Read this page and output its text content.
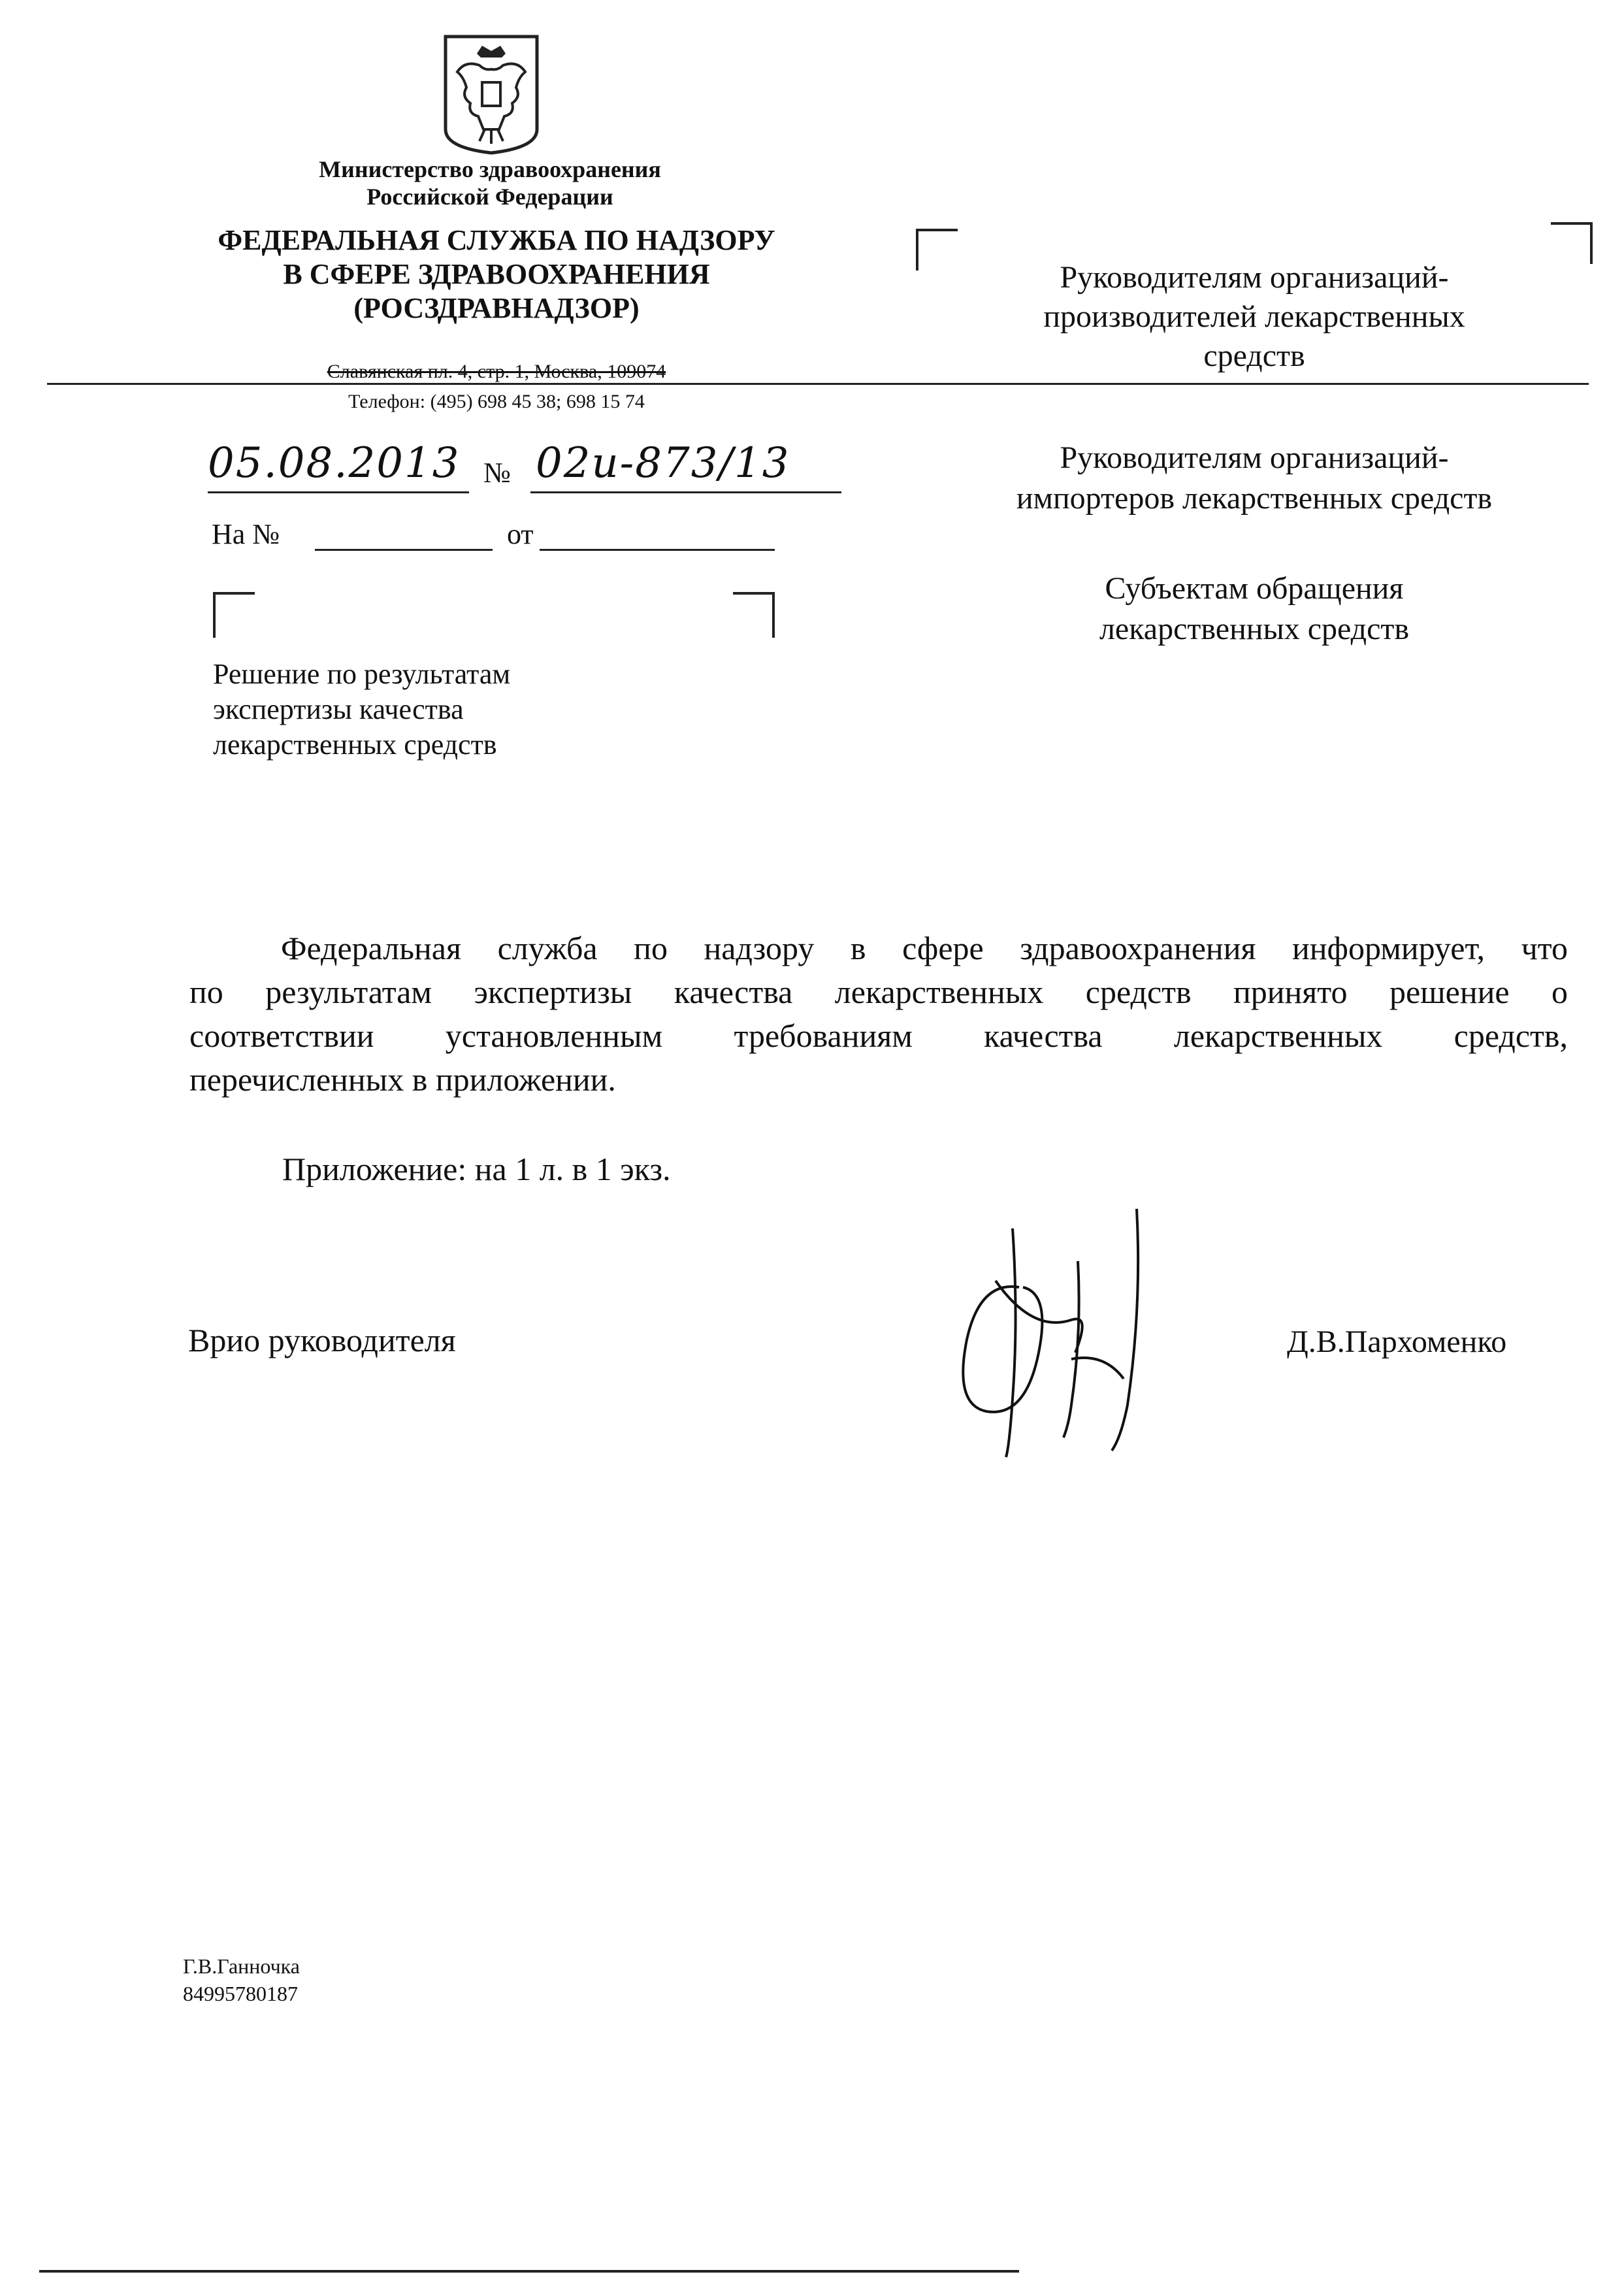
Министерство здравоохранения
Российской Федерации
ФЕДЕРАЛЬНАЯ СЛУЖБА ПО НАДЗОРУ
В СФЕРЕ ЗДРАВООХРАНЕНИЯ
(РОСЗДРАВНАДЗОР)
Славянская пл. 4, стр. 1, Москва, 109074
Телефон: (495) 698 45 38; 698 15 74
Руководителям организаций-
производителей лекарственных
средств
Руководителям организаций-
импортеров лекарственных средств
Субъектам обращения
лекарственных средств
05.08.2013 № 02и-873/13
На №	от
Решение по результатам
экспертизы качества
лекарственных средств
Федеральная служба по надзору в сфере здравоохранения информирует, что
по результатам экспертизы качества лекарственных средств принято решение о
соответствии установленным требованиям качества лекарственных средств,
перечисленных в приложении.
Приложение: на 1 л. в 1 экз.
Врио руководителя	Д.В.Пархоменко
Г.В.Ганночка
84995780187
